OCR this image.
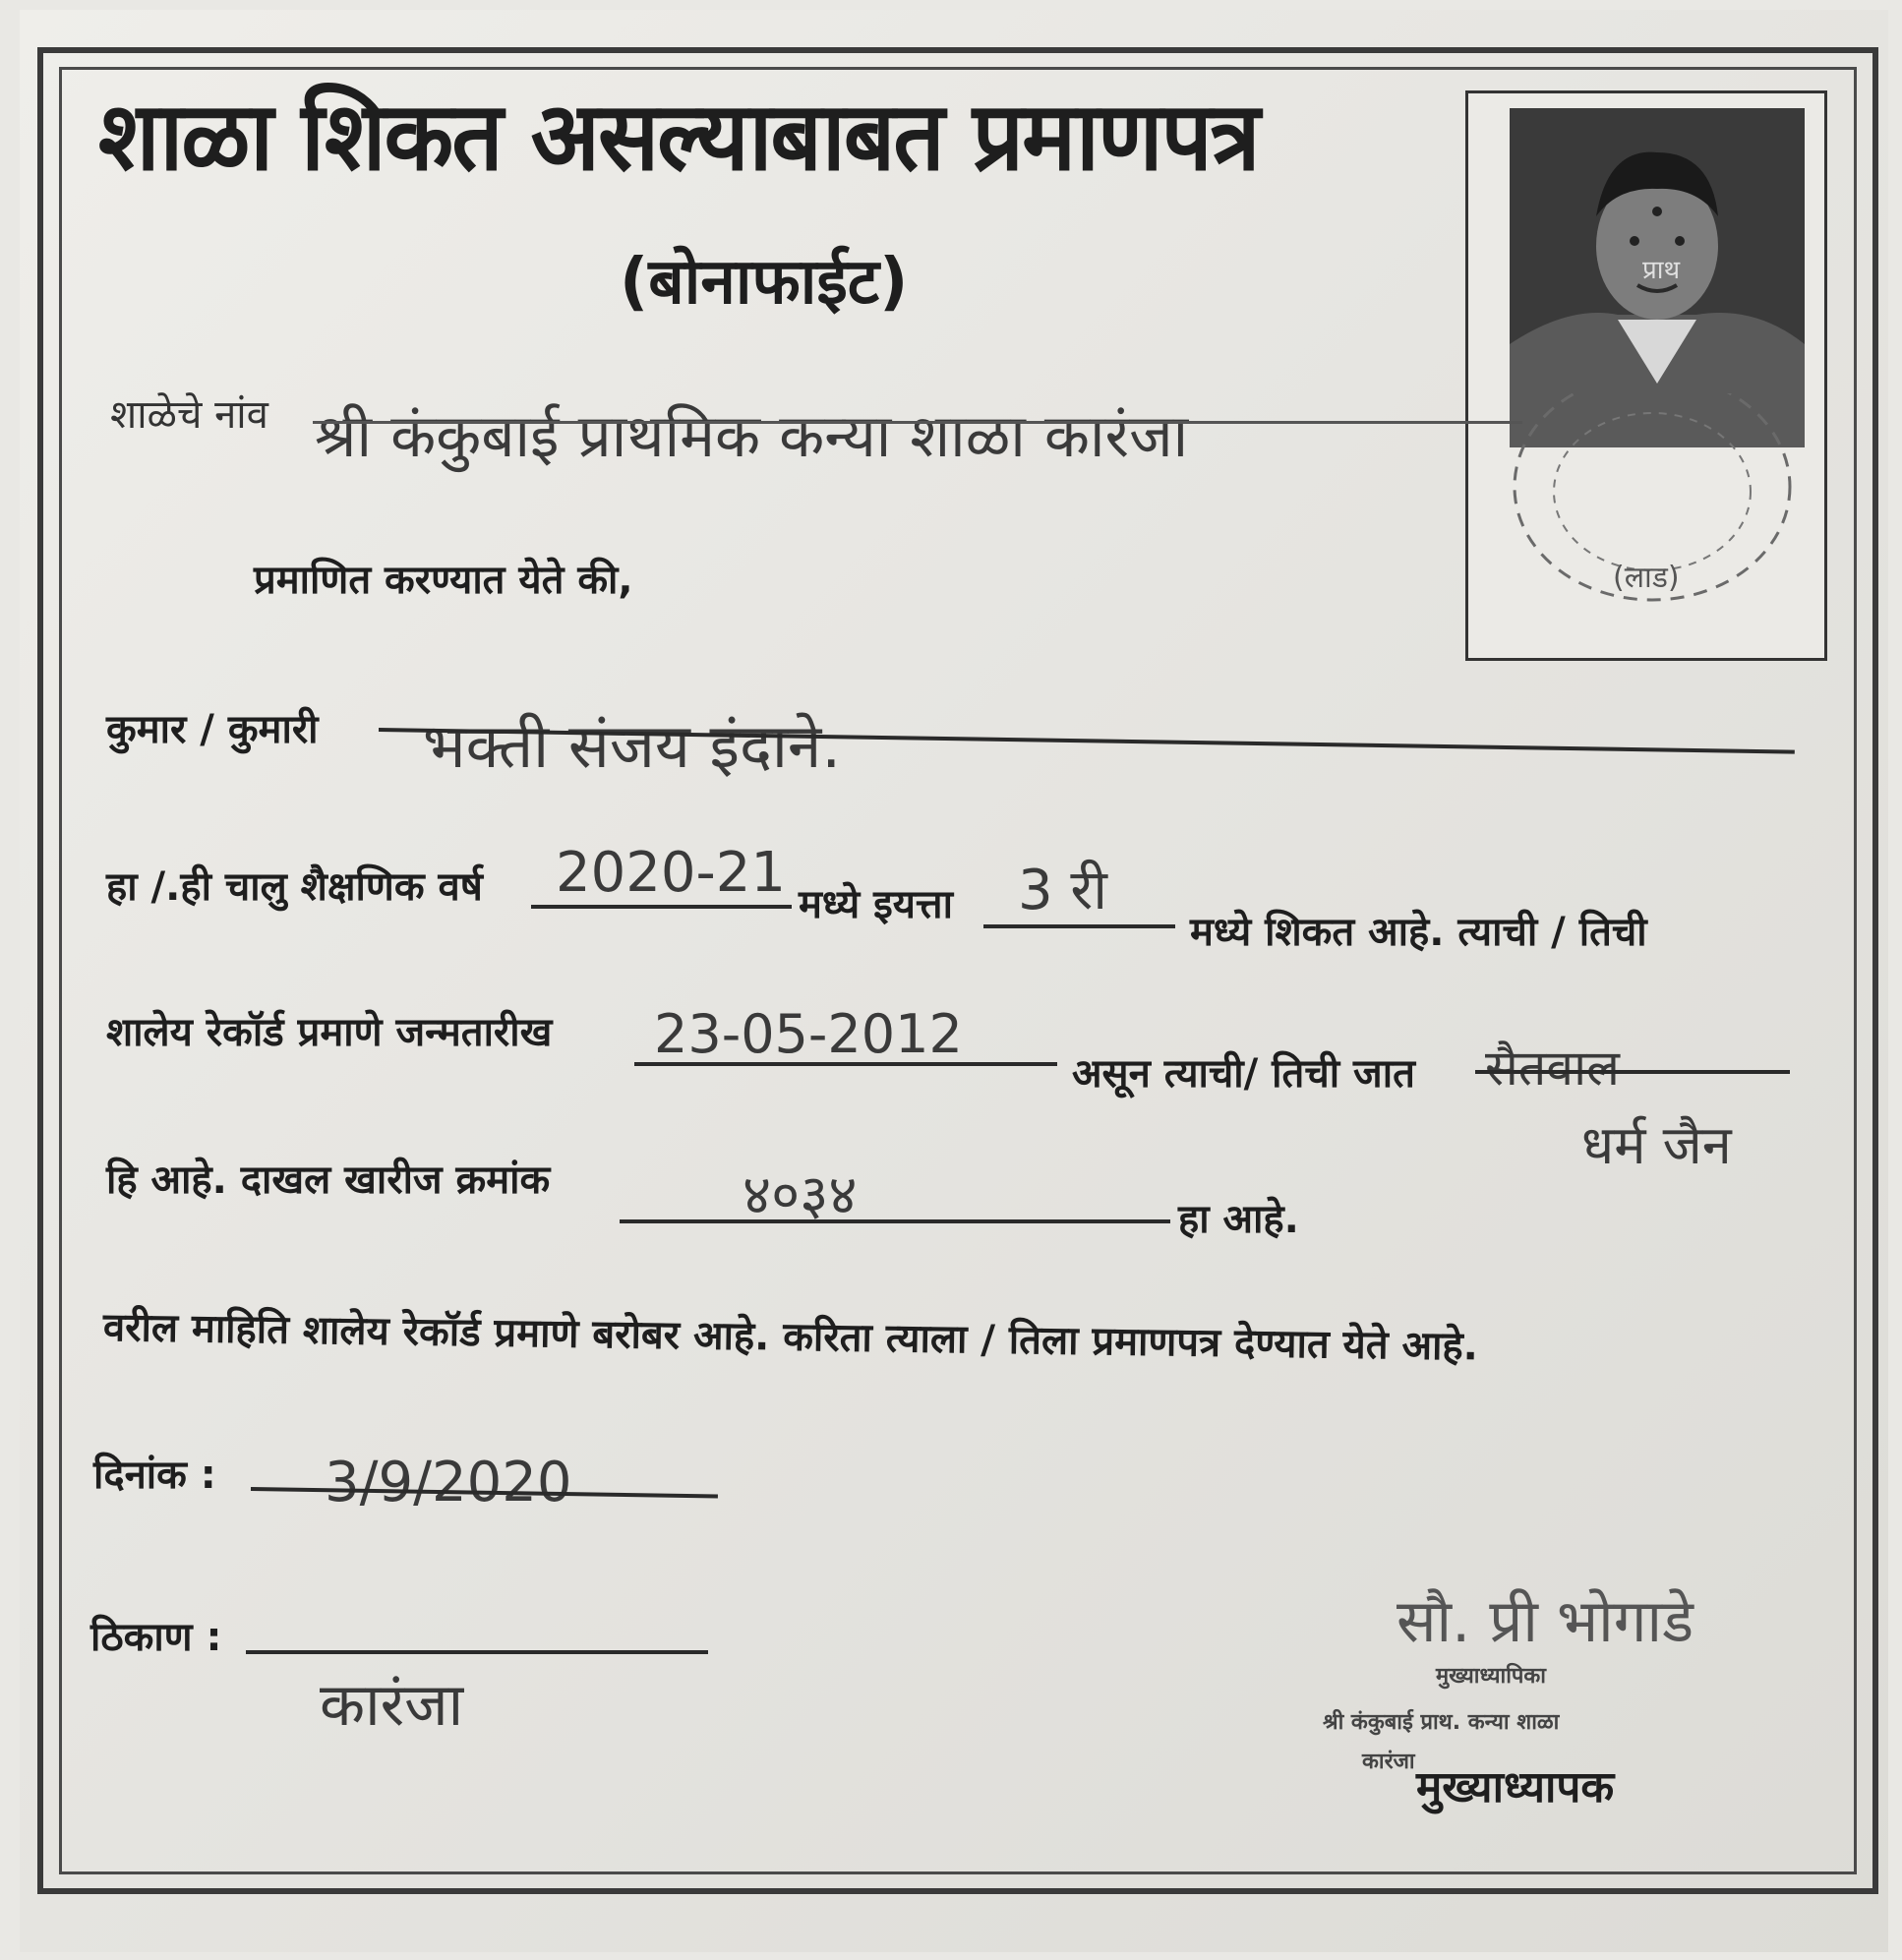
शाळा शिकत असल्याबाबत प्रमाणपत्र
(बोनाफाईट)	प्राथ
(लाड)
शाळेचे नांव श्री कंकुबाई प्राथमिक कन्या शाळा कारंजा
प्रमाणित करण्यात येते की,
कुमार / कुमारी भक्ती संजय इंदाने.
हा /.ही चालु शैक्षणिक वर्ष 2020-21 मध्ये इयत्ता 3 री
मध्ये शिकत आहे. त्याची / तिची
शालेय रेकॉर्ड प्रमाणे जन्मतारीख 23-05-2012
असून त्याची/ तिची जात सैतवाल
धर्म जैन
हि आहे. दाखल खारीज क्रमांक	४०३४	हा आहे.
वरील माहिति शालेय रेकॉर्ड प्रमाणे बरोबर आहे. करिता त्याला / तिला प्रमाणपत्र देण्यात येते आहे.
दिनांक : 3/9/2020
ठिकाण :
कारंजा
सौ. प्री भोगाडे
मुख्याध्यापिका
श्री कंकुबाई प्राथ. कन्या शाळा
कारंजा
मुख्याध्यापक
